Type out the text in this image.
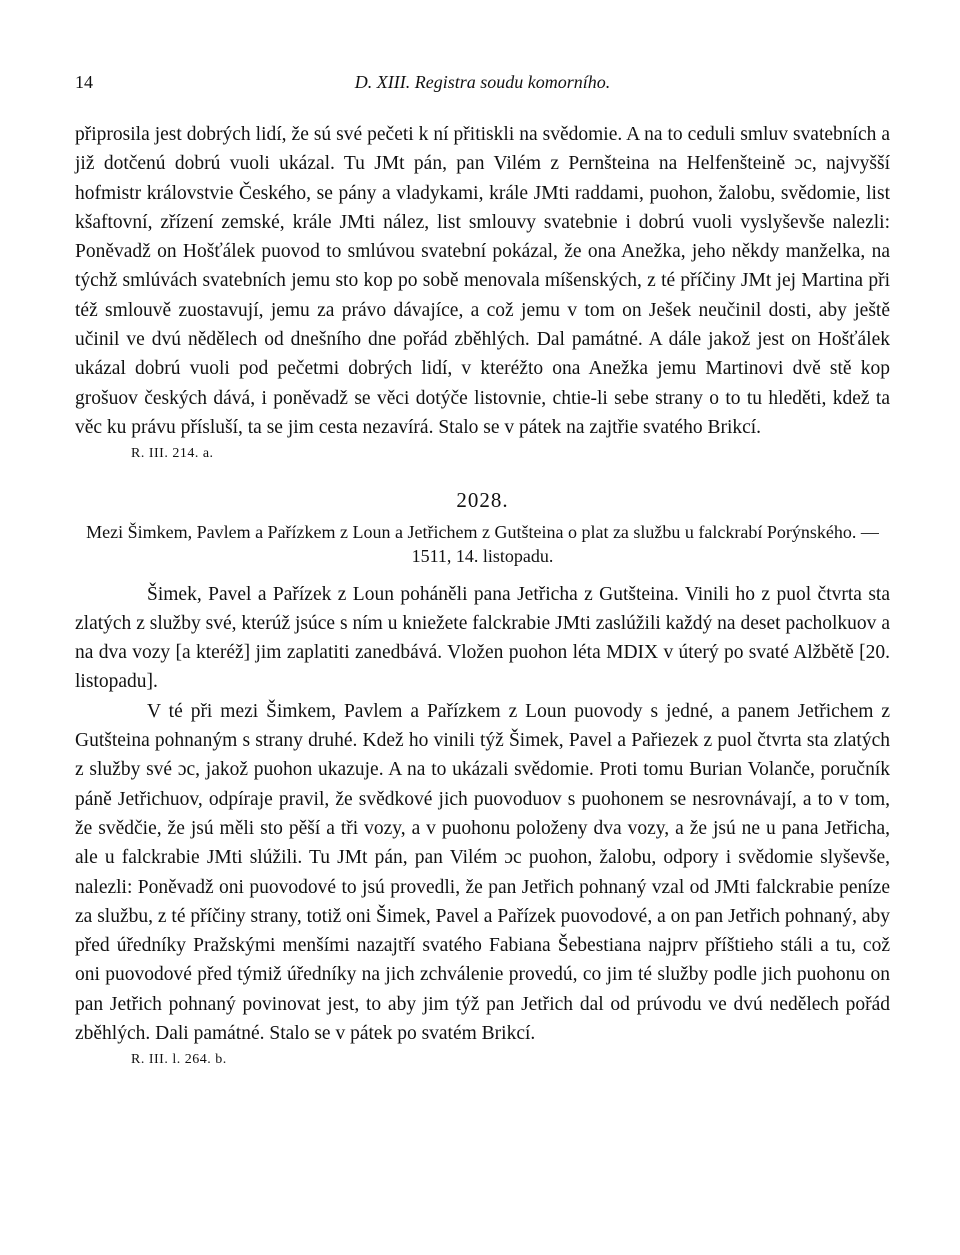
14	D. XIII. Registra soudu komorního.

připrosila jest dobrých lidí, že sú své pečeti k ní přitiskli na svědomie. A na to ceduli smluv svatebních a již dotčenú dobrú vuoli ukázal. Tu JMt pán, pan Vilém z Pernšteina na Helfenšteině ɔc, najvyšší hofmistr královstvie Českého, se pány a vladykami, krále JMti raddami, puohon, žalobu, svědomie, list kšaftovní, zřízení zemské, krále JMti nález, list smlouvy svatebnie i dobrú vuoli vyslyševše nalezli: Poněvadž on Hošťálek puovod to smlúvou svatební pokázal, že ona Anežka, jeho někdy manželka, na týchž smlúvách svatebních jemu sto kop po sobě menovala míšenských, z té příčiny JMt jej Martina při též smlouvě zuostavují, jemu za právo dávajíce, a což jemu v tom on Ješek neučinil dosti, aby ještě učinil ve dvú nědělech od dnešního dne pořád zběhlých. Dal památné. A dále jakož jest on Hošťálek ukázal dobrú vuoli pod pečetmi dobrých lidí, v kteréžto ona Anežka jemu Martinovi dvě stě kop grošuov českých dává, i poněvadž se věci dotýče listovnie, chtie-li sebe strany o to tu hleděti, kdež ta věc ku právu přísluší, ta se jim cesta nezavírá. Stalo se v pátek na zajtřie svatého Brikcí.

R. III. 214. a.
2028.
Mezi Šimkem, Pavlem a Pařízkem z Loun a Jetřichem z Gutšteina o plat za službu u falckrabí Porýnského. — 1511, 14. listopadu.

Šimek, Pavel a Pařízek z Loun poháněli pana Jetřicha z Gutšteina. Vinili ho z puol čtvrta sta zlatých z služby své, kterúž jsúce s ním u kniežete falckrabie JMti zaslúžili každý na deset pacholkuov a na dva vozy [a kteréž] jim zaplatiti zanedbává. Vložen puohon léta MDIX v úterý po svaté Alžbětě [20. listopadu].

V té při mezi Šimkem, Pavlem a Pařízkem z Loun puovody s jedné, a panem Jetřichem z Gutšteina pohnaným s strany druhé. Kdež ho vinili týž Šimek, Pavel a Pařiezek z puol čtvrta sta zlatých z služby své ɔc, jakož puohon ukazuje. A na to ukázali svědomie. Proti tomu Burian Volanče, poručník páně Jetřichuov, odpíraje pravil, že svědkové jich puovoduov s puohonem se nesrovnávají, a to v tom, že svědčie, že jsú měli sto pěší a tři vozy, a v puohonu položeny dva vozy, a že jsú ne u pana Jetřicha, ale u falckrabie JMti slúžili. Tu JMt pán, pan Vilém ɔc puohon, žalobu, odpory i svědomie slyševše, nalezli: Poněvadž oni puovodové to jsú provedli, že pan Jetřich pohnaný vzal od JMti falckrabie peníze za službu, z té příčiny strany, totiž oni Šimek, Pavel a Pařízek puovodové, a on pan Jetřich pohnaný, aby před úředníky Pražskými menšími nazajtří svatého Fabiana Šebestiana najprv příštieho stáli a tu, což oni puovodové před týmiž úředníky na jich zchválenie provedú, co jim té služby podle jich puohonu on pan Jetřich pohnaný povinovat jest, to aby jim týž pan Jetřich dal od prúvodu ve dvú nedělech pořád zběhlých. Dali památné. Stalo se v pátek po svatém Brikcí.

R. III. l. 264. b.
